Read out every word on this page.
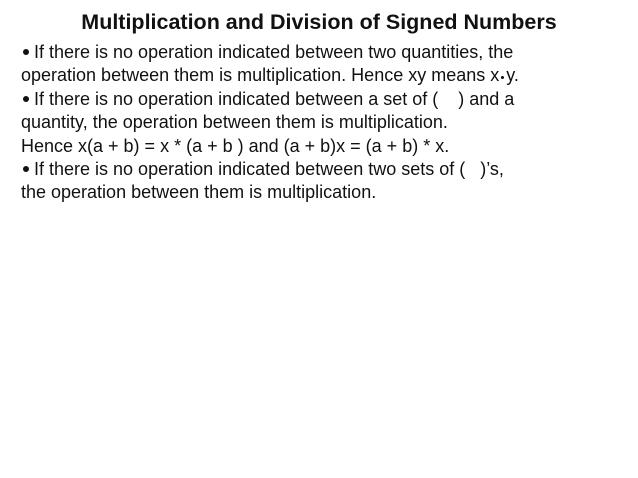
Multiplication and Division of Signed Numbers
If there is no operation indicated between two quantities, the
operation between them is multiplication. Hence xy means x y.
If there is no operation indicated between a set of (    ) and a
quantity, the operation between them is multiplication.
Hence x(a + b) = x * (a + b ) and (a + b)x = (a + b) * x.
If there is no operation indicated between two sets of (   )’s,
the operation between them is multiplication.
